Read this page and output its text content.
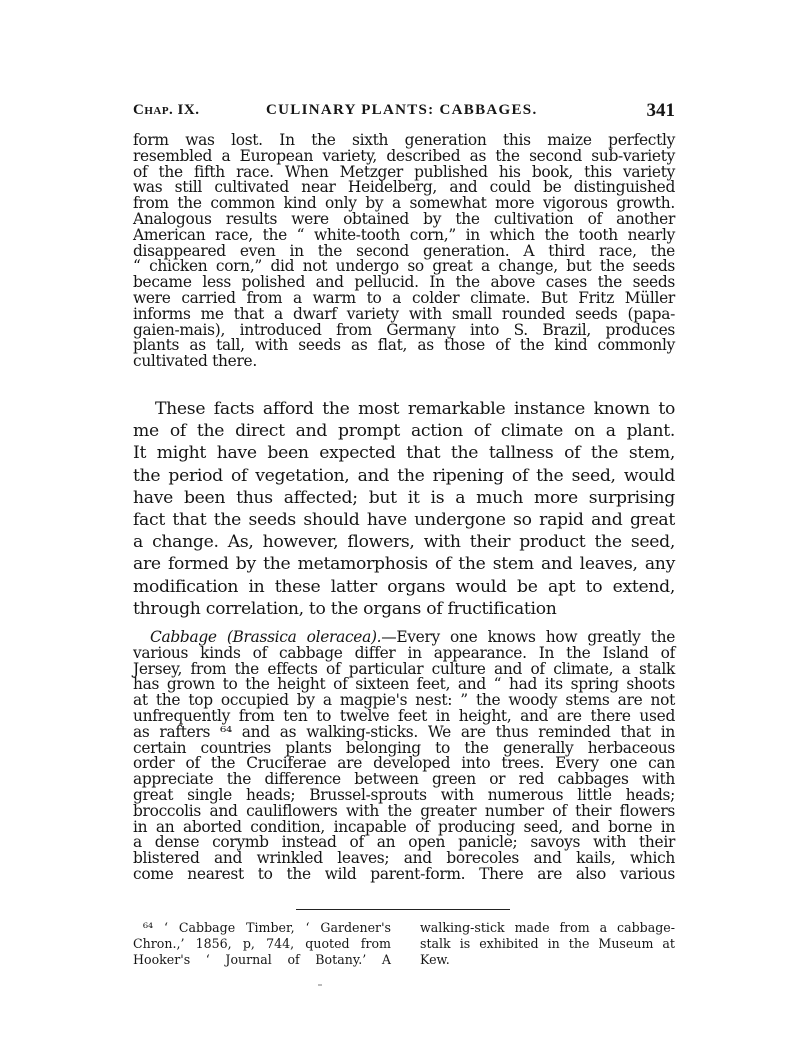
Chap. IX.	CULINARY PLANTS: CABBAGES.	341
form was lost. In the sixth generation this maize perfectly
resembled a European variety, described as the second sub-variety
of the fifth race. When Metzger published his book, this variety
was still cultivated near Heidelberg, and could be distinguished
from the common kind only by a somewhat more vigorous growth.
Analogous results were obtained by the cultivation of another
American race, the “ white-tooth corn,” in which the tooth nearly
disappeared even in the second generation. A third race, the
“ chicken corn,” did not undergo so great a change, but the seeds
became less polished and pellucid. In the above cases the seeds
were carried from a warm to a colder climate. But Fritz Müller
informs me that a dwarf variety with small rounded seeds (papa-
gaien-mais), introduced from Germany into S. Brazil, produces
plants as tall, with seeds as flat, as those of the kind commonly
cultivated there.
These facts afford the most remarkable instance known to
me of the direct and prompt action of climate on a plant.
It might have been expected that the tallness of the stem,
the period of vegetation, and the ripening of the seed, would
have been thus affected; but it is a much more surprising
fact that the seeds should have undergone so rapid and great
a change. As, however, flowers, with their product the seed,
are formed by the metamorphosis of the stem and leaves, any
modification in these latter organs would be apt to extend,
through correlation, to the organs of fructification
Cabbage (Brassica oleracea).—Every one knows how greatly the
various kinds of cabbage differ in appearance. In the Island of
Jersey, from the effects of particular culture and of climate, a stalk
has grown to the height of sixteen feet, and “ had its spring shoots
at the top occupied by a magpie's nest: ” the woody stems are not
unfrequently from ten to twelve feet in height, and are there used
as rafters ⁶⁴ and as walking-sticks. We are thus reminded that in
certain countries plants belonging to the generally herbaceous
order of the Cruciferae are developed into trees. Every one can
appreciate the difference between green or red cabbages with
great single heads; Brussel-sprouts with numerous little heads;
broccolis and cauliflowers with the greater number of their flowers
in an aborted condition, incapable of producing seed, and borne in
a dense corymb instead of an open panicle; savoys with their
blistered and wrinkled leaves; and borecoles and kails, which
come nearest to the wild parent-form. There are also various
⁶⁴ ‘ Cabbage Timber, ‘ Gardener's
Chron.,’ 1856, p, 744, quoted from
Hooker's ‘ Journal of Botany.’ A
walking-stick made from a cabbage-
stalk is exhibited in the Museum at
Kew.
